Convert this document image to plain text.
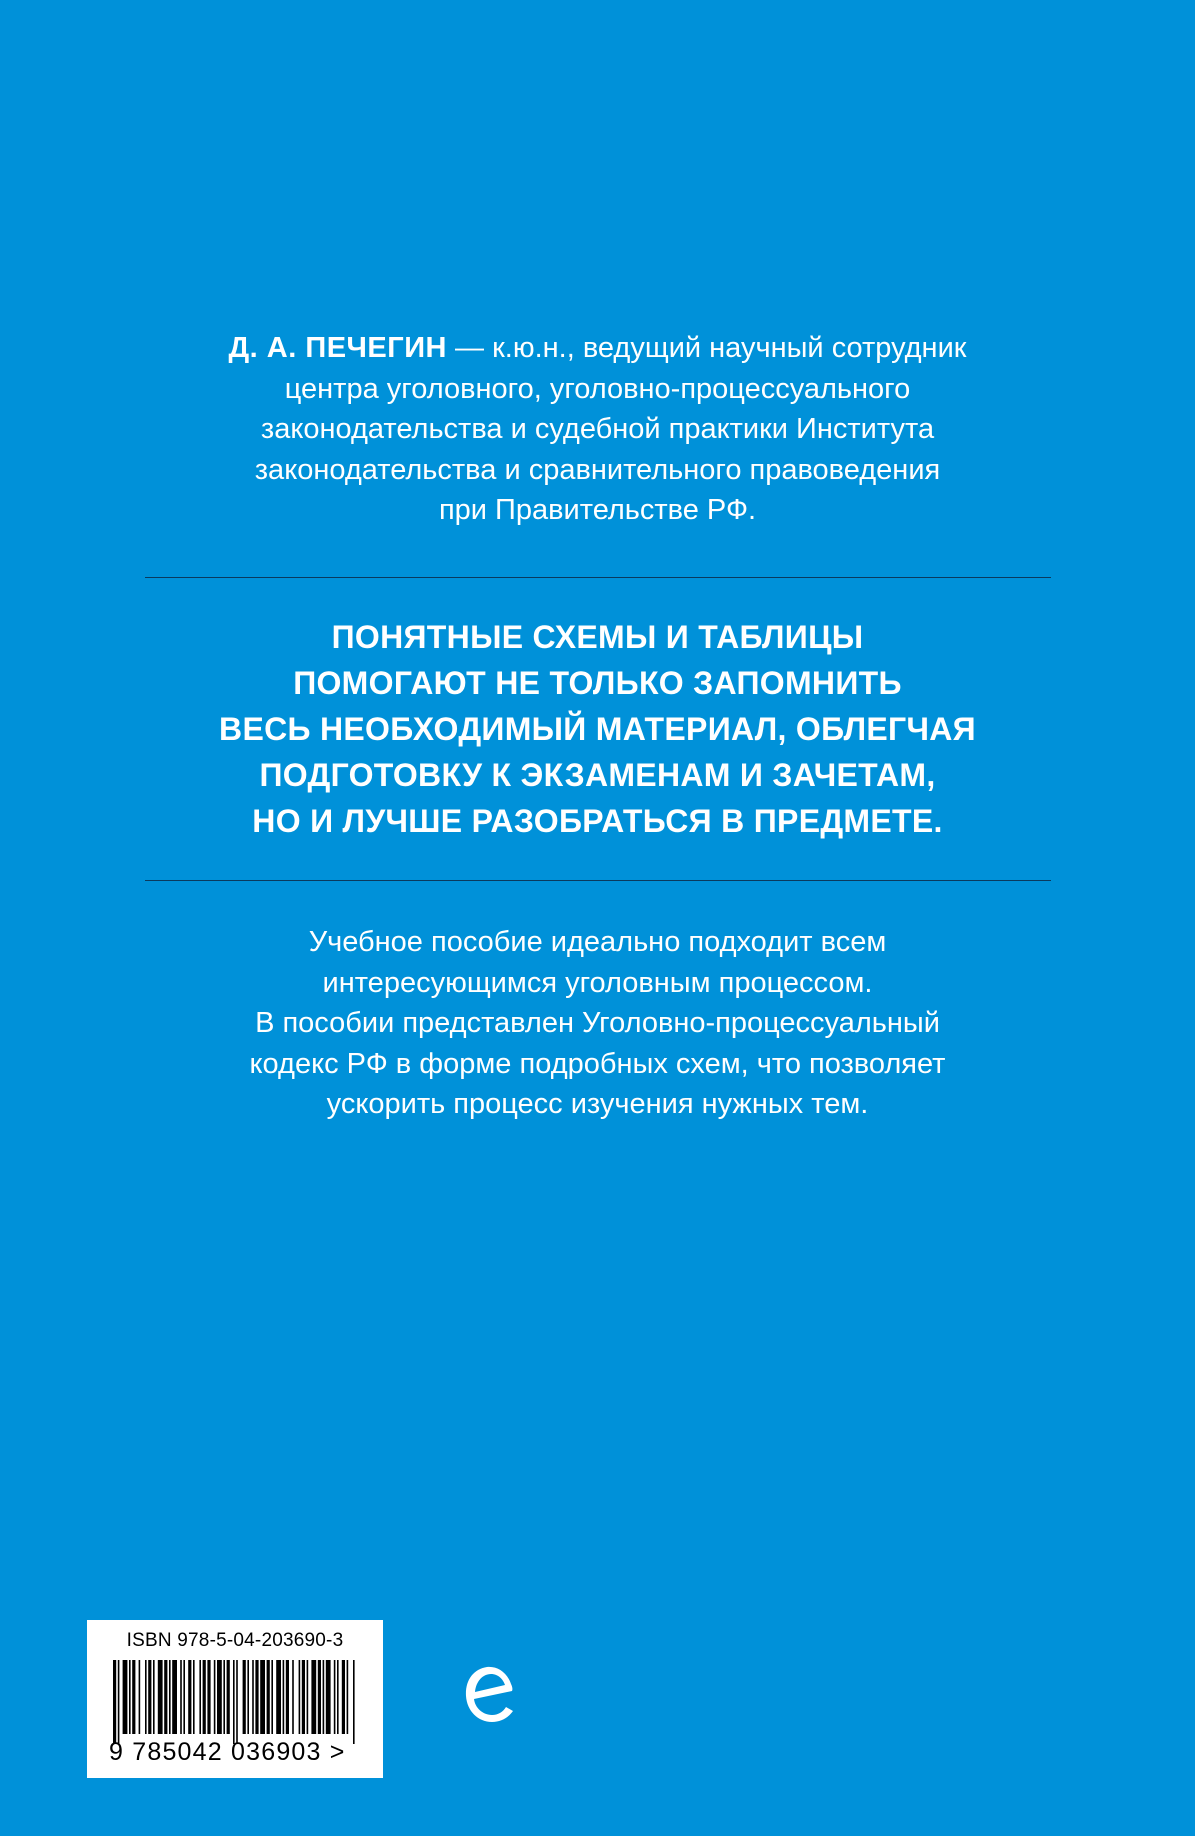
Д. А. ПЕЧЕГИН — к.ю.н., ведущий научный сотрудник
центра уголовного, уголовно-процессуального
законодательства и судебной практики Института
законодательства и сравнительного правоведения
при Правительстве РФ.
ПОНЯТНЫЕ СХЕМЫ И ТАБЛИЦЫ
ПОМОГАЮТ НЕ ТОЛЬКО ЗАПОМНИТЬ
ВЕСЬ НЕОБХОДИМЫЙ МАТЕРИАЛ, ОБЛЕГЧАЯ
ПОДГОТОВКУ К ЭКЗАМЕНАМ И ЗАЧЕТАМ,
НО И ЛУЧШЕ РАЗОБРАТЬСЯ В ПРЕДМЕТЕ.
Учебное пособие идеально подходит всем
интересующимся уголовным процессом.
В пособии представлен Уголовно-процессуальный
кодекс РФ в форме подробных схем, что позволяет
ускорить процесс изучения нужных тем.
ISBN 978-5-04-203690-3
9 785042 036903 >
